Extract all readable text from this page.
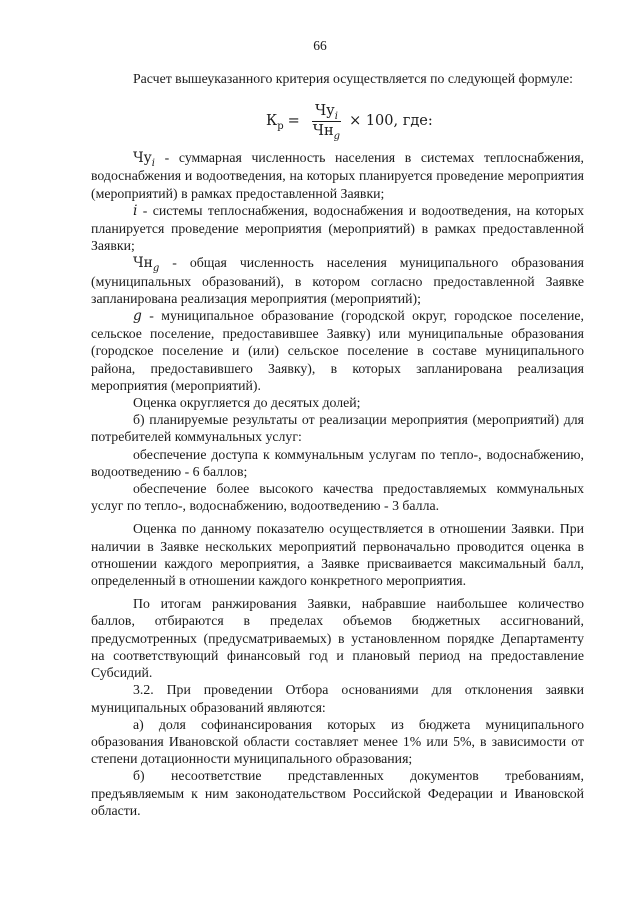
66

Расчет вышеуказанного критерия осуществляется по следующей формуле:

$К_р = \frac{Чу_i}{Чн_g} \times 100$, где:

$Чу_i$ - суммарная численность населения в системах теплоснабжения, водоснабжения и водоотведения, на которых планируется проведение мероприятия (мероприятий) в рамках предоставленной Заявки;

i - системы теплоснабжения, водоснабжения и водоотведения, на которых планируется проведение мероприятия (мероприятий) в рамках предоставленной Заявки;

$Чн_g$ - общая численность населения муниципального образования (муниципальных образований), в котором согласно предоставленной Заявке запланирована реализация мероприятия (мероприятий);

g - муниципальное образование (городской округ, городское поселение, сельское поселение, предоставившее Заявку) или муниципальные образования (городское поселение и (или) сельское поселение в составе муниципального района, предоставившего Заявку), в которых запланирована реализация мероприятия (мероприятий).

Оценка округляется до десятых долей;

б) планируемые результаты от реализации мероприятия (мероприятий) для потребителей коммунальных услуг:

обеспечение доступа к коммунальным услугам по тепло-, водоснабжению, водоотведению - 6 баллов;

обеспечение более высокого качества предоставляемых коммунальных услуг по тепло-, водоснабжению, водоотведению - 3 балла.

Оценка по данному показателю осуществляется в отношении Заявки. При наличии в Заявке нескольких мероприятий первоначально проводится оценка в отношении каждого мероприятия, а Заявке присваивается максимальный балл, определенный в отношении каждого конкретного мероприятия.

По итогам ранжирования Заявки, набравшие наибольшее количество баллов, отбираются в пределах объемов бюджетных ассигнований, предусмотренных (предусматриваемых) в установленном порядке Департаменту на соответствующий финансовый год и плановый период на предоставление Субсидий.

3.2. При проведении Отбора основаниями для отклонения заявки муниципальных образований являются:

а) доля софинансирования которых из бюджета муниципального образования Ивановской области составляет менее 1% или 5%, в зависимости от степени дотационности муниципального образования;

б) несоответствие представленных документов требованиям, предъявляемым к ним законодательством Российской Федерации и Ивановской области.
